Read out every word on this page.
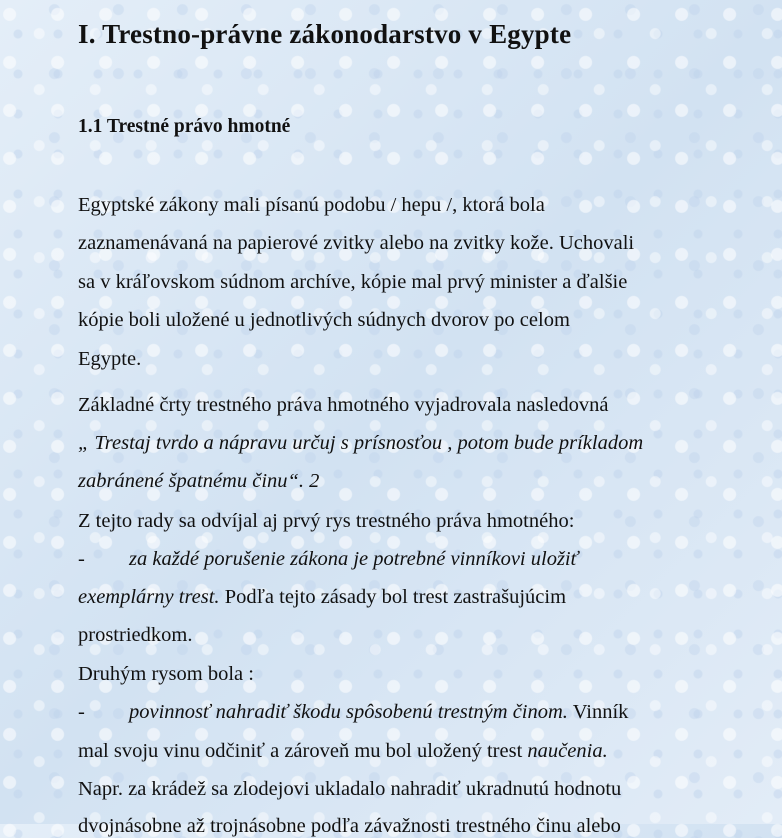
I. Trestno-právne zákonodarstvo v Egypte
1.1 Trestné právo hmotné
Egyptské zákony mali písanú podobu / hepu /, ktorá bola
zaznamenávaná na papierové zvitky alebo na zvitky kože. Uchovali
sa v kráľovskom súdnom archíve, kópie mal prvý minister a ďalšie
kópie boli uložené u jednotlivých súdnych dvorov po celom
Egypte.
Základné črty trestného práva hmotného vyjadrovala nasledovná
„ Trestaj tvrdo a nápravu určuj s prísnosťou , potom bude príkladom
zabránené špatnému činu“. 2
Z tejto rady sa odvíjal aj prvý rys trestného práva hmotného:
- za každé porušenie zákona je potrebné vinníkovi uložiť
exemplárny trest. Podľa tejto zásady bol trest zastrašujúcim
prostriedkom.
Druhým rysom bola :
- povinnosť nahradiť škodu spôsobenú trestným činom. Vinník
mal svoju vinu odčiniť a zároveň mu bol uložený trest naučenia.
Napr. za krádež sa zlodejovi ukladalo nahradiť ukradnutú hodnotu
dvojnásobne až trojnásobne podľa závažnosti trestného činu alebo
